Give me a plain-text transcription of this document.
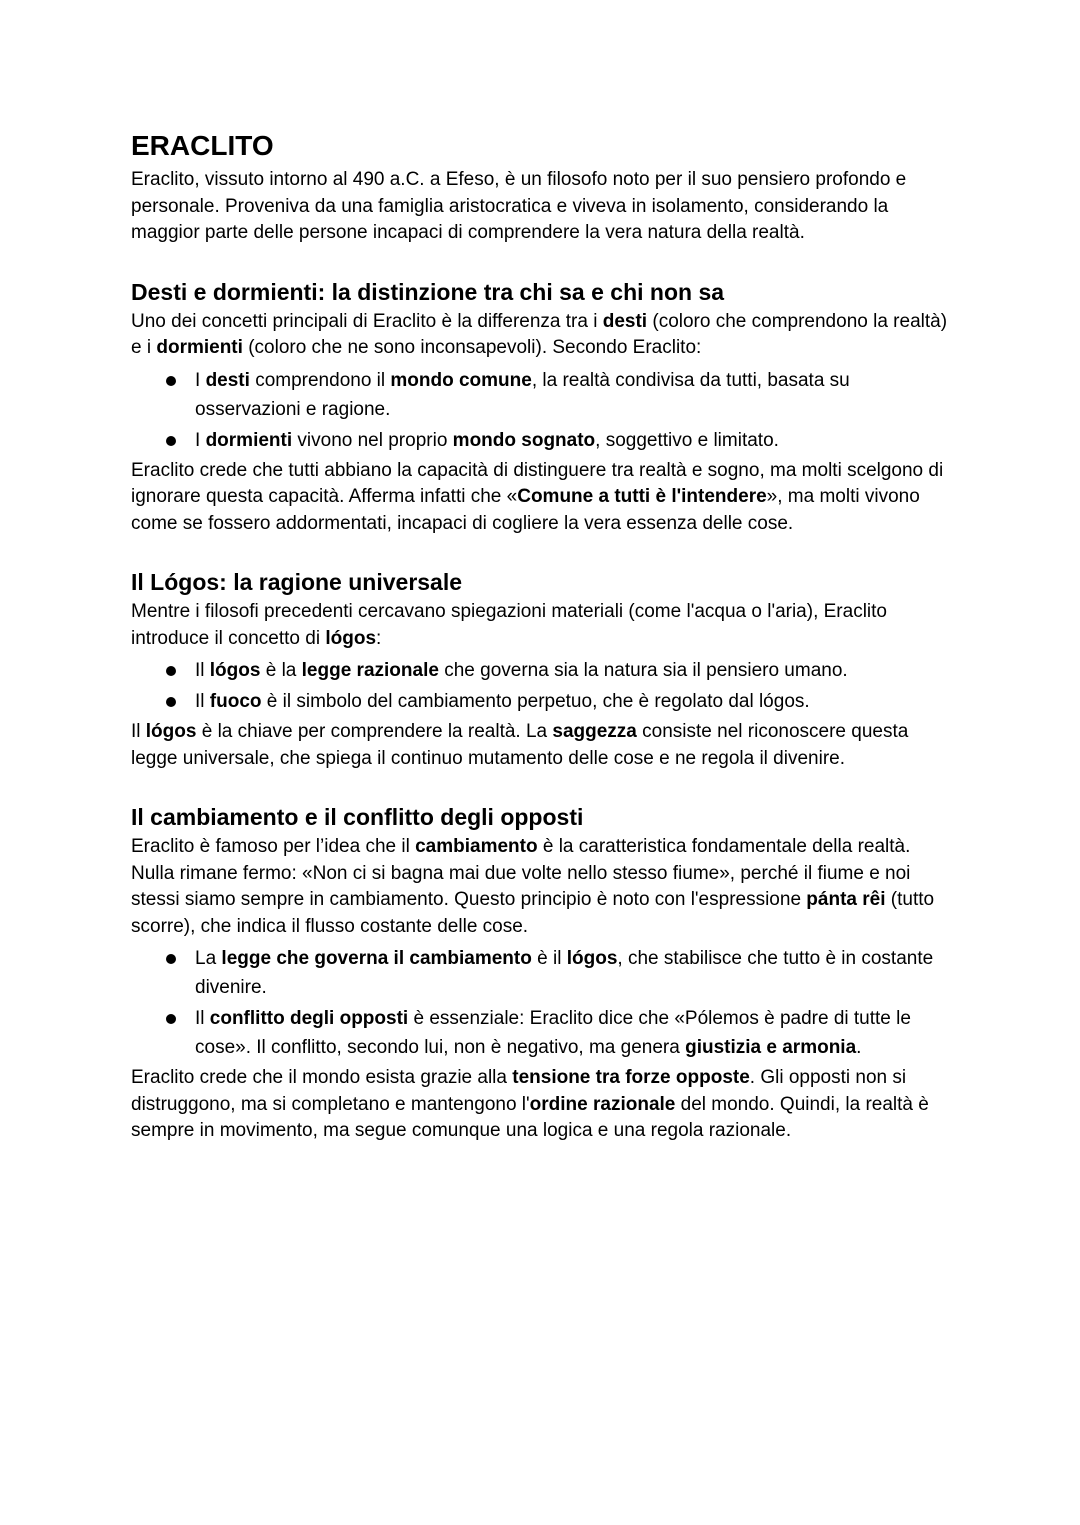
ERACLITO

Eraclito, vissuto intorno al 490 a.C. a Efeso, è un filosofo noto per il suo pensiero profondo e personale. Proveniva da una famiglia aristocratica e viveva in isolamento, considerando la maggior parte delle persone incapaci di comprendere la vera natura della realtà.

Desti e dormienti: la distinzione tra chi sa e chi non sa

Uno dei concetti principali di Eraclito è la differenza tra i desti (coloro che comprendono la realtà) e i dormienti (coloro che ne sono inconsapevoli). Secondo Eraclito:

I desti comprendono il mondo comune, la realtà condivisa da tutti, basata su osservazioni e ragione.
I dormienti vivono nel proprio mondo sognato, soggettivo e limitato.

Eraclito crede che tutti abbiano la capacità di distinguere tra realtà e sogno, ma molti scelgono di ignorare questa capacità. Afferma infatti che «Comune a tutti è l'intendere», ma molti vivono come se fossero addormentati, incapaci di cogliere la vera essenza delle cose.

Il Lógos: la ragione universale

Mentre i filosofi precedenti cercavano spiegazioni materiali (come l'acqua o l'aria), Eraclito introduce il concetto di lógos:

Il lógos è la legge razionale che governa sia la natura sia il pensiero umano.
Il fuoco è il simbolo del cambiamento perpetuo, che è regolato dal lógos.

Il lógos è la chiave per comprendere la realtà. La saggezza consiste nel riconoscere questa legge universale, che spiega il continuo mutamento delle cose e ne regola il divenire.

Il cambiamento e il conflitto degli opposti

Eraclito è famoso per l’idea che il cambiamento è la caratteristica fondamentale della realtà. Nulla rimane fermo: «Non ci si bagna mai due volte nello stesso fiume», perché il fiume e noi stessi siamo sempre in cambiamento. Questo principio è noto con l'espressione pánta rêi (tutto scorre), che indica il flusso costante delle cose.

La legge che governa il cambiamento è il lógos, che stabilisce che tutto è in costante divenire.
Il conflitto degli opposti è essenziale: Eraclito dice che «Pólemos è padre di tutte le cose». Il conflitto, secondo lui, non è negativo, ma genera giustizia e armonia.

Eraclito crede che il mondo esista grazie alla tensione tra forze opposte. Gli opposti non si distruggono, ma si completano e mantengono l'ordine razionale del mondo. Quindi, la realtà è sempre in movimento, ma segue comunque una logica e una regola razionale.
